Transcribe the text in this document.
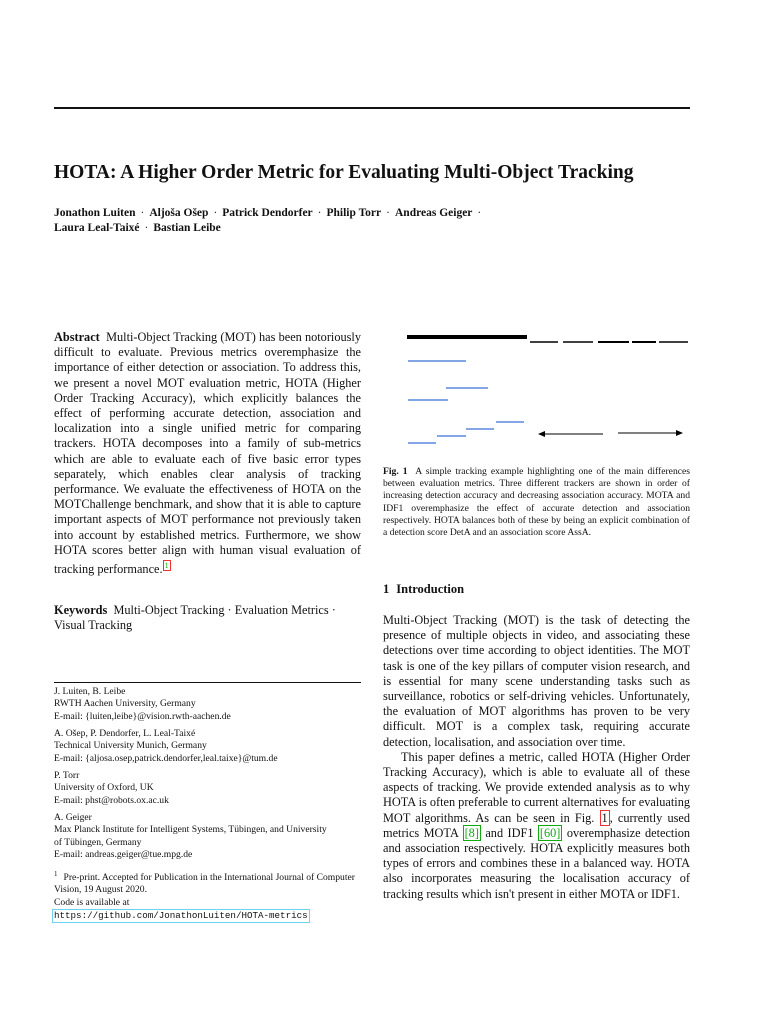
HOTA: A Higher Order Metric for Evaluating Multi-Object Tracking
Jonathon Luiten · Aljoša Ošep · Patrick Dendorfer · Philip Torr · Andreas Geiger ·
Laura Leal-Taixé · Bastian Leibe
Abstract Multi-Object Tracking (MOT) has been notoriously difficult to evaluate. Previous metrics overemphasize the importance of either detection or association. To address this, we present a novel MOT evaluation metric, HOTA (Higher Order Tracking Accuracy), which explicitly balances the effect of performing accurate detection, association and localization into a single unified metric for comparing trackers. HOTA decomposes into a family of sub-metrics which are able to evaluate each of five basic error types separately, which enables clear analysis of tracking performance. We evaluate the effectiveness of HOTA on the MOTChallenge benchmark, and show that it is able to capture important aspects of MOT performance not previously taken into account by established metrics. Furthermore, we show HOTA scores better align with human visual evaluation of tracking performance. $^1$
Keywords Multi-Object Tracking · Evaluation Metrics · Visual Tracking
J. Luiten, B. Leibe
RWTH Aachen University, Germany
E-mail: {luiten,leibe}@vision.rwth-aachen.de
A. Ošep, P. Dendorfer, L. Leal-Taixé
Technical University Munich, Germany
E-mail: {aljosa.osep,patrick.dendorfer,leal.taixe}@tum.de
P. Torr
University of Oxford, UK
E-mail: phst@robots.ox.ac.uk
A. Geiger
Max Planck Institute for Intelligent Systems, Tübingen, and University
of Tübingen, Germany
E-mail: andreas.geiger@tue.mpg.de
$^1$ Pre-print. Accepted for Publication in the International Journal of Computer Vision, 19 August 2020.
Code is available at
https://github.com/JonathonLuiten/HOTA-metrics
Fig. 1 A simple tracking example highlighting one of the main differences between evaluation metrics. Three different trackers are shown in order of increasing detection accuracy and decreasing association accuracy. MOTA and IDF1 overemphasize the effect of accurate detection and association respectively. HOTA balances both of these by being an explicit combination of a detection score DetA and an association score AssA.
1 Introduction

Multi-Object Tracking (MOT) is the task of detecting the presence of multiple objects in video, and associating these detections over time according to object identities. The MOT task is one of the key pillars of computer vision research, and is essential for many scene understanding tasks such as surveillance, robotics or self-driving vehicles. Unfortunately, the evaluation of MOT algorithms has proven to be very difficult. MOT is a complex task, requiring accurate detection, localisation, and association over time.

This paper defines a metric, called HOTA (Higher Order Tracking Accuracy), which is able to evaluate all of these aspects of tracking. We provide extended analysis as to why HOTA is often preferable to current alternatives for evaluating MOT algorithms. As can be seen in Fig. 1 , currently used metrics MOTA [8] and IDF1 [60] overemphasize detection and association respectively. HOTA explicitly measures both types of errors and combines these in a balanced way. HOTA also incorporates measuring the localisation accuracy of tracking results which isn't present in either MOTA or IDF1.
